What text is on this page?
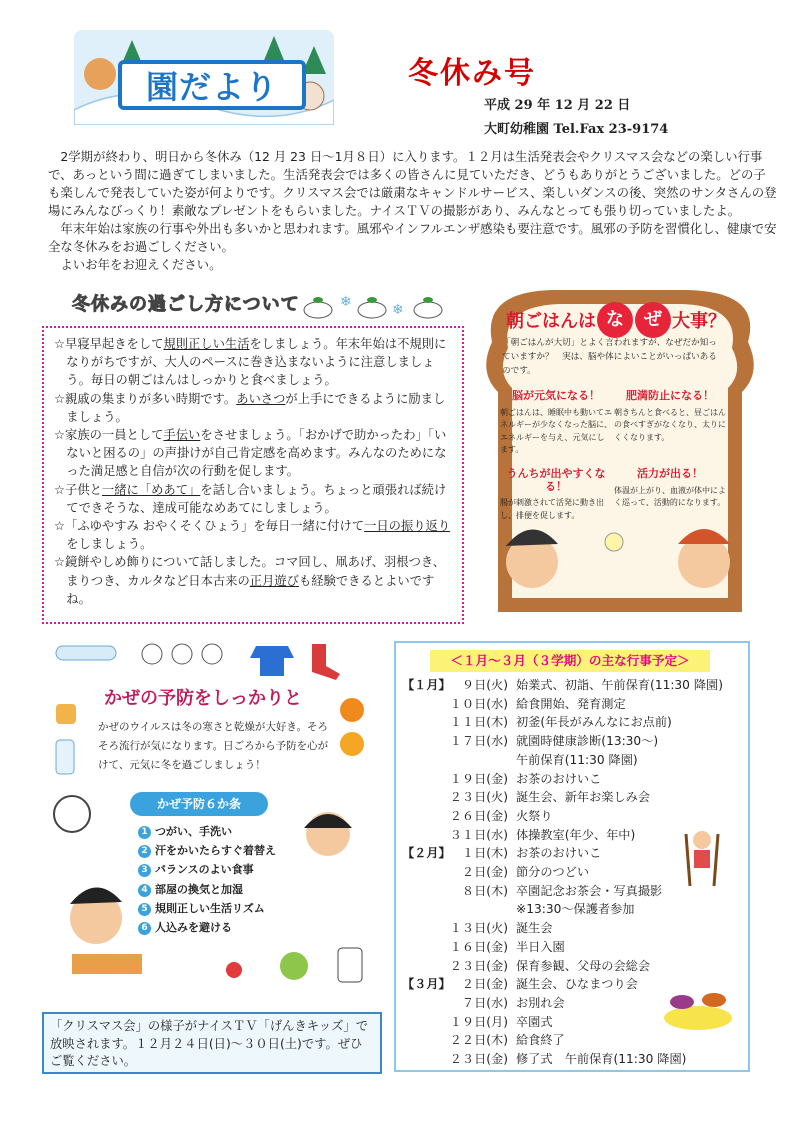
園だより	冬休み号
平成 29 年 12 月 22 日
大町幼稚園 Tel.Fax 23-9174

2学期が終わり、明日から冬休み（12 月 23 日～1月８日）に入ります。１２月は生活発表会やクリスマス会などの楽しい行事で、あっという間に過ぎてしまいました。生活発表会では多くの皆さんに見ていただき、どうもありがとうございました。どの子も楽しんで発表していた姿が何よりです。クリスマス会では厳粛なキャンドルサービス、楽しいダンスの後、突然のサンタさんの登場にみんなびっくり！素敵なプレゼントをもらいました。ナイスＴＶの撮影があり、みんなとっても張り切っていましたよ。

年末年始は家族の行事や外出も多いかと思われます。風邪やインフルエンザ感染も要注意です。風邪の予防を習慣化し、健康で安全な冬休みをお過ごしください。

よいお年をお迎えください。

冬休みの過ごし方について	❄	❄
☆早寝早起きをして規則正しい生活をしましょう。年末年始は不規則になりがちですが、大人のペースに巻き込まないように注意しましょう。毎日の朝ごはんはしっかりと食べましょう。
☆親戚の集まりが多い時期です。あいさつが上手にできるように励ましましょう。
☆家族の一員として手伝いをさせましょう。「おかげで助かったわ」「いないと困るの」の声掛けが自己肯定感を高めます。みんなのためになった満足感と自信が次の行動を促します。
☆子供と一緒に「めあて」を話し合いましょう。ちょっと頑張れば続けてできそうな、達成可能なめあてにしましょう。
☆「ふゆやすみ おやくそくひょう」を毎日一緒に付けて一日の振り返りをしましょう。
☆鏡餅やしめ飾りについて話しました。コマ回し、凧あげ、羽根つき、まりつき、カルタなど日本古来の正月遊びも経験できるとよいですね。
朝ごはんは な	ぜ 大事？
「朝ごはんが大切」とよく言われますが、なぜだか知っていますか？　実は、脳や体によいことがいっぱいあるのです。
脳が元気になる！
朝ごはんは、睡眠中も動いてエネルギーが少なくなった脳に、エネルギーを与え、元気にします。
肥満防止になる！
朝きちんと食べると、昼ごはんの食べすぎがなくなり、太りにくくなります。
うんちが出やすくなる！
腸が刺激されて活発に動き出し、排便を促します。
活力が出る！
体温が上がり、血液が体中によく巡って、活動的になります。
かぜの予防をしっかりと
かぜのウイルスは冬の寒さと乾燥が大好き。そろそろ流行が気になります。日ごろから予防を心がけて、元気に冬を過ごしましょう！
かぜ予防６か条
1 つがい、手洗い
2 汗をかいたらすぐ着替え
3 バランスのよい食事
4 部屋の換気と加湿
5 規則正しい生活リズム
6 人込みを避ける
「クリスマス会」の様子がナイスＴＶ「げんきキッズ」で放映されます。１２月２４日(日)～３０日(土)です。ぜひご覧ください。
＜１月～３月（３学期）の主な行事予定＞
【１月】 ９日(火) 始業式、初詣、午前保育(11:30 降園)
１０日(水) 給食開始、発育測定
１１日(木) 初釜(年長がみんなにお点前)
１７日(水) 就園時健康診断(13:30～)
午前保育(11:30 降園)
１９日(金) お茶のおけいこ
２３日(火) 誕生会、新年お楽しみ会
２６日(金) 火祭り
３１日(水) 体操教室(年少、年中)
【２月】 １日(木) お茶のおけいこ
２日(金) 節分のつどい
８日(木) 卒園記念お茶会・写真撮影
※13:30～保護者参加
１３日(火) 誕生会
１６日(金) 半日入園
２３日(金) 保育参観、父母の会総会
【３月】 ２日(金) 誕生会、ひなまつり会
７日(水) お別れ会
１９日(月) 卒園式
２２日(木) 給食終了
２３日(金) 修了式　午前保育(11:30 降園)
